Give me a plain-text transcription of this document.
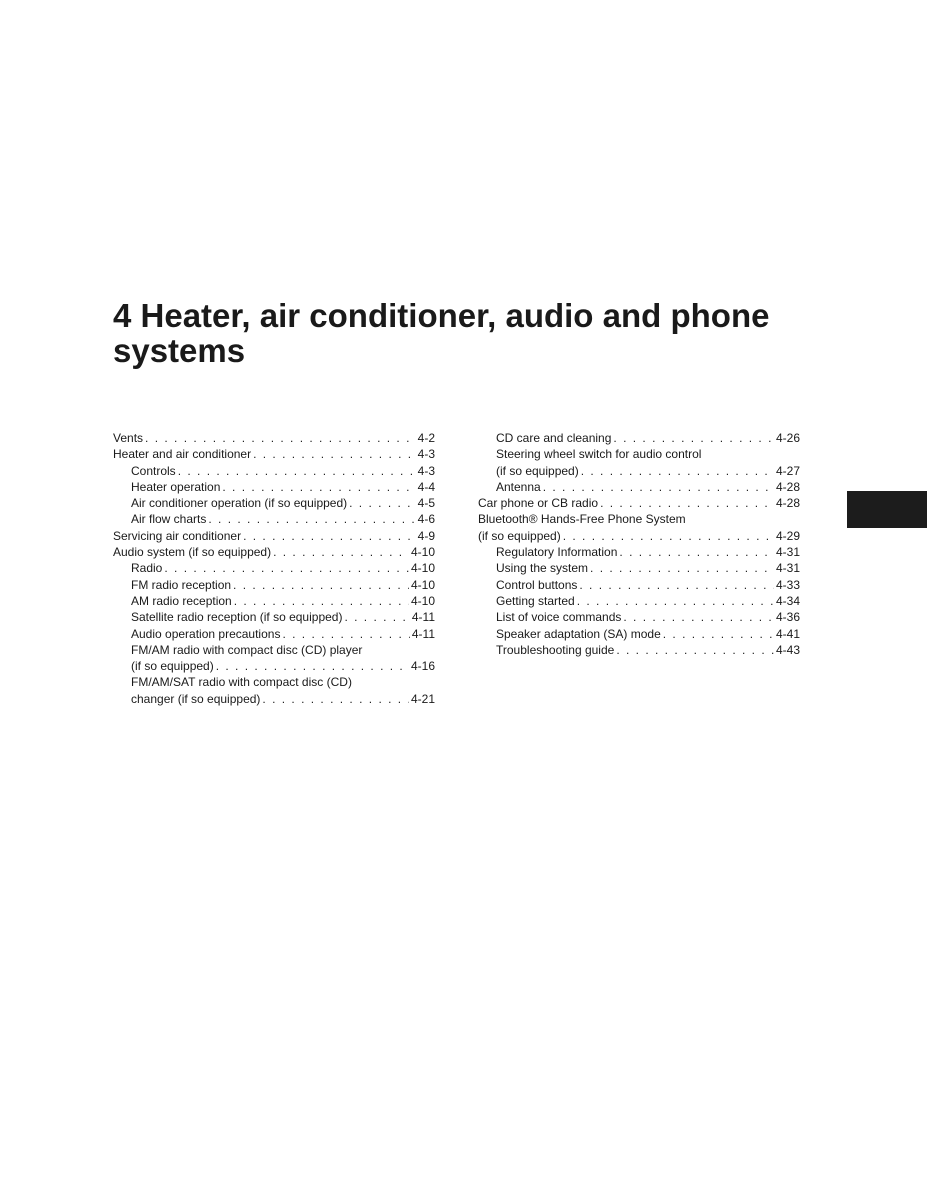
4 Heater, air conditioner, audio and phone systems
Vents . . .	4-2
Heater and air conditioner . . .	4-3
Controls . . .	4-3
Heater operation . . .	4-4
Air conditioner operation (if so equipped) . . .	4-5
Air flow charts . . .	4-6
Servicing air conditioner . . .	4-9
Audio system (if so equipped) . . .	4-10
Radio . . .	4-10
FM radio reception . . .	4-10
AM radio reception . . .	4-10
Satellite radio reception (if so equipped) . . .	4-11
Audio operation precautions . . .	4-11
FM/AM radio with compact disc (CD) player
(if so equipped) . . .	4-16
FM/AM/SAT radio with compact disc (CD)
changer (if so equipped) . . .	4-21
CD care and cleaning . . .	4-26
Steering wheel switch for audio control
(if so equipped) . . .	4-27
Antenna . . .	4-28
Car phone or CB radio . . .	4-28
Bluetooth® Hands-Free Phone System
(if so equipped) . . .	4-29
Regulatory Information . . .	4-31
Using the system . . .	4-31
Control buttons . . .	4-33
Getting started . . .	4-34
List of voice commands . . .	4-36
Speaker adaptation (SA) mode . . .	4-41
Troubleshooting guide . . .	4-43
